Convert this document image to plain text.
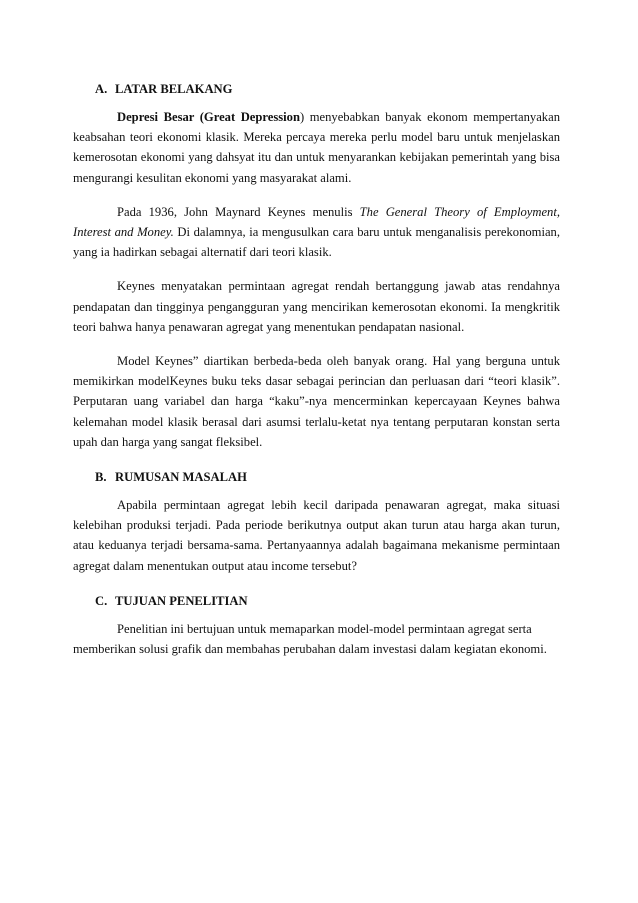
A. LATAR BELAKANG

Depresi Besar (Great Depression) menyebabkan banyak ekonom mempertanyakan keabsahan teori ekonomi klasik. Mereka percaya mereka perlu model baru untuk menjelaskan kemerosotan ekonomi yang dahsyat itu dan untuk menyarankan kebijakan pemerintah yang bisa mengurangi kesulitan ekonomi yang masyarakat alami.

Pada 1936, John Maynard Keynes menulis The General Theory of Employment, Interest and Money. Di dalamnya, ia mengusulkan cara baru untuk menganalisis perekonomian, yang ia hadirkan sebagai alternatif dari teori klasik.

Keynes menyatakan permintaan agregat rendah bertanggung jawab atas rendahnya pendapatan dan tingginya pengangguran yang mencirikan kemerosotan ekonomi. Ia mengkritik teori bahwa hanya penawaran agregat yang menentukan pendapatan nasional.

Model Keynes” diartikan berbeda-beda oleh banyak orang. Hal yang berguna untuk memikirkan modelKeynes buku teks dasar sebagai perincian dan perluasan dari “teori klasik”. Perputaran uang variabel dan harga “kaku”-nya mencerminkan kepercayaan Keynes bahwa kelemahan model klasik berasal dari asumsi terlalu-ketat nya tentang perputaran konstan serta upah dan harga yang sangat fleksibel.

B. RUMUSAN MASALAH

Apabila permintaan agregat lebih kecil daripada penawaran agregat, maka situasi kelebihan produksi terjadi. Pada periode berikutnya output akan turun atau harga akan turun, atau keduanya terjadi bersama-sama. Pertanyaannya adalah bagaimana mekanisme permintaan agregat dalam menentukan output atau income tersebut?

C. TUJUAN PENELITIAN

Penelitian ini bertujuan untuk memaparkan model-model permintaan agregat serta memberikan solusi grafik dan membahas perubahan dalam investasi dalam kegiatan ekonomi.
